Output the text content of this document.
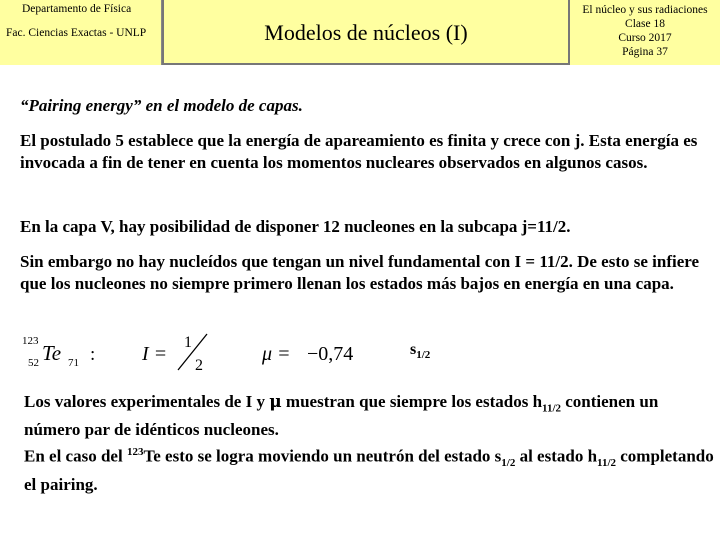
Departamento de Física
Fac. Ciencias Exactas - UNLP	Modelos de núcleos (I)
El núcleo y sus radiaciones
Clase 18
Curso 2017
Página 37
“Pairing energy” en el modelo de capas.
El postulado 5 establece que la energía de apareamiento es finita y crece con j. Esta energía es invocada a fin de tener en cuenta los momentos nucleares observados en algunos casos.
En la capa V, hay posibilidad de disponer 12 nucleones en la subcapa j=11/2.
Sin embargo no hay nucleídos que tengan un nivel fundamental con I = 11/2. De esto se infiere que los nucleones no siempre primero llenan los estados más bajos en energía en una capa.
123
52 Te 71 : I =
1
2
μ = −0,74	$s_{1/2}$
Los valores experimentales de I y μ muestran que siempre los estados $h_{11/2}$ contienen un número par de idénticos nucleones.
En el caso del $^{123}$Te esto se logra moviendo un neutrón del estado $s_{1/2}$ al estado $h_{11/2}$ completando el pairing.
